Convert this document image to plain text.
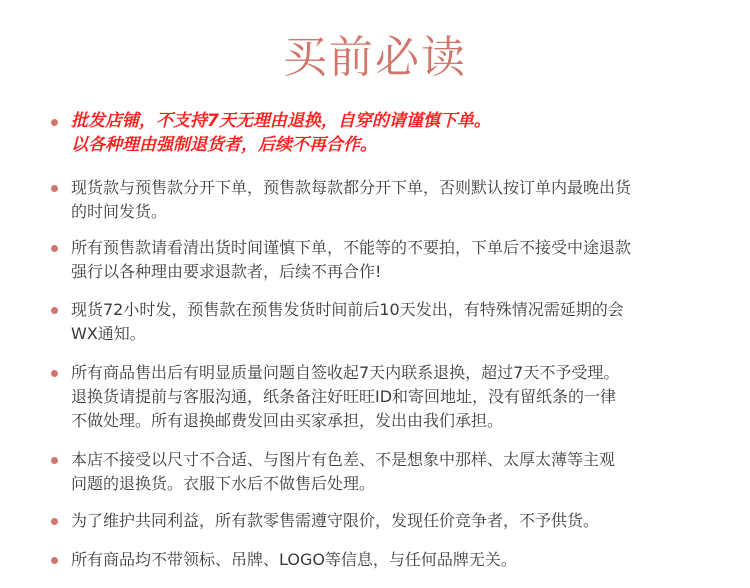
买前必读
批发店铺，不支持7天无理由退换，自穿的请谨慎下单。
以各种理由强制退货者，后续不再合作。
现货款与预售款分开下单，预售款每款都分开下单，否则默认按订单内最晚出货
的时间发货。
所有预售款请看清出货时间谨慎下单，不能等的不要拍，下单后不接受中途退款
强行以各种理由要求退款者，后续不再合作!
现货72小时发，预售款在预售发货时间前后10天发出，有特殊情况需延期的会
WX通知。
所有商品售出后有明显质量问题自签收起7天内联系退换，超过7天不予受理。
退换货请提前与客服沟通，纸条备注好旺旺ID和寄回地址，没有留纸条的一律
不做处理。所有退换邮费发回由买家承担，发出由我们承担。
本店不接受以尺寸不合适、与图片有色差、不是想象中那样、太厚太薄等主观
问题的退换货。衣服下水后不做售后处理。
为了维护共同利益，所有款零售需遵守限价，发现任价竞争者，不予供货。
所有商品均不带领标、吊牌、LOGO等信息，与任何品牌无关。
